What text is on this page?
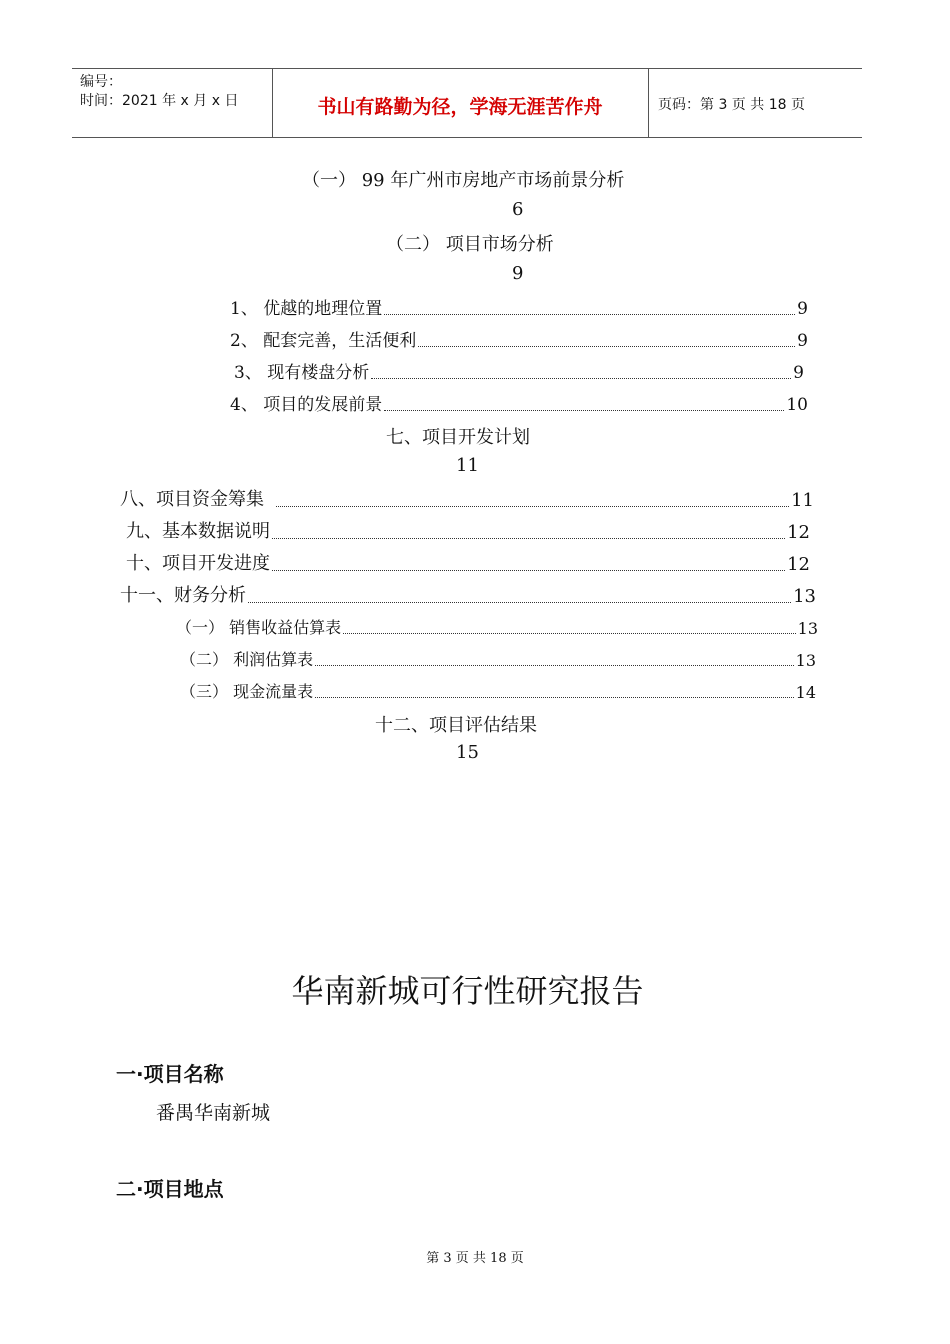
编号：
时间：2021 年 x 月 x 日	书山有路勤为径，学海无涯苦作舟	页码：第 3 页 共 18 页
（一） 99 年广州市房地产市场前景分析
6
（二） 项目市场分析
9
1、 优越的地理位置	9
2、 配套完善，生活便利	9
3、 现有楼盘分析	9
4、 项目的发展前景	10
七、项目开发计划
11
八、项目资金筹集	11
九、基本数据说明	12
十、项目开发进度	12
十一、财务分析	13
（一） 销售收益估算表	13
（二） 利润估算表	13
（三） 现金流量表	14
十二、项目评估结果
15
华南新城可行性研究报告
一·项目名称
番禺华南新城
二·项目地点
第 3 页 共 18 页
